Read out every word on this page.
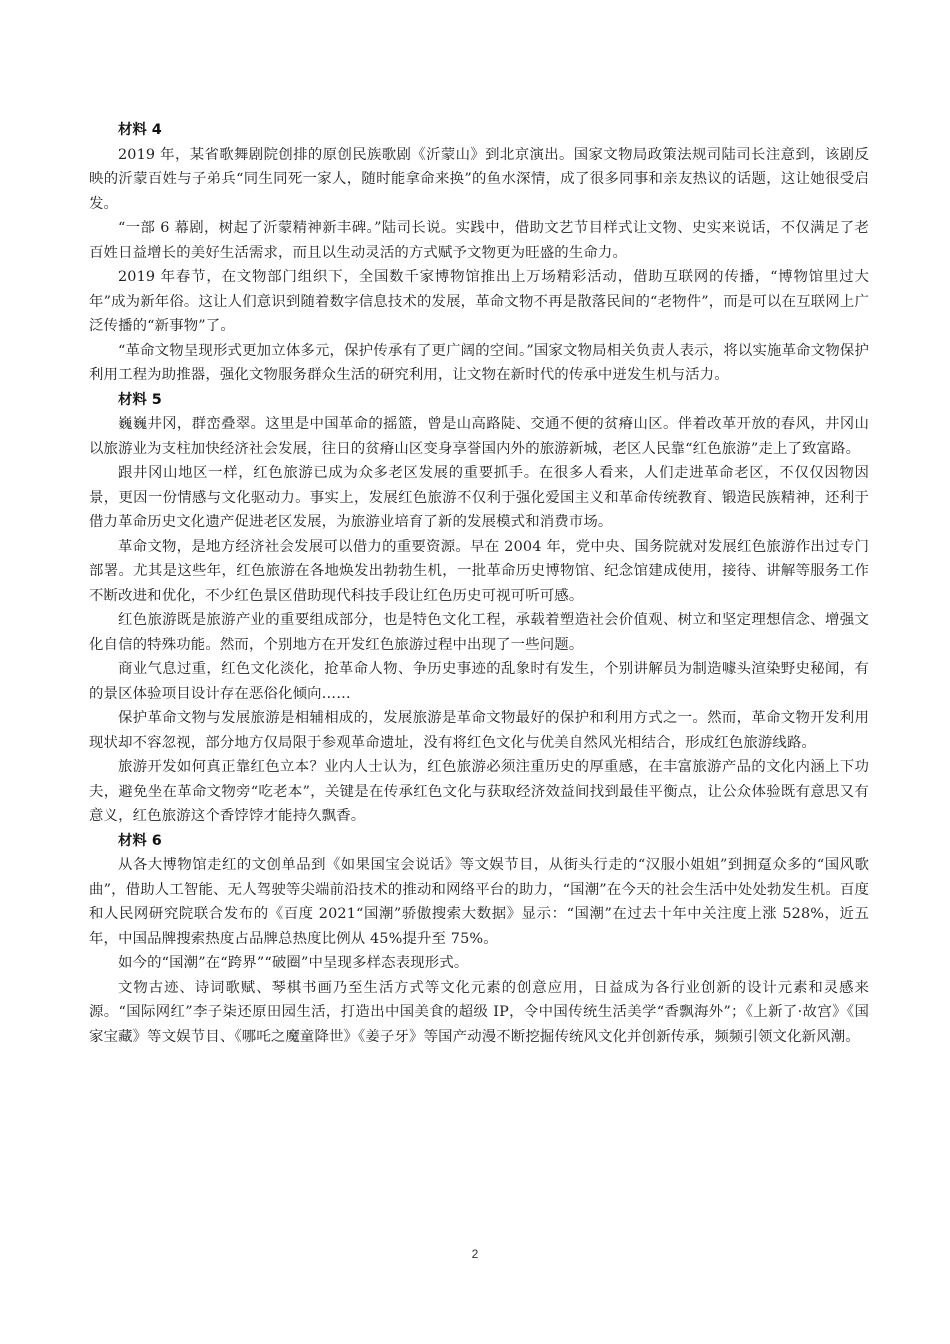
材料 4

2019 年，某省歌舞剧院创排的原创民族歌剧《沂蒙山》到北京演出。国家文物局政策法规司陆司长注意到，该剧反映的沂蒙百姓与子弟兵“同生同死一家人，随时能拿命来换”的鱼水深情，成了很多同事和亲友热议的话题，这让她很受启发。

“一部 6 幕剧，树起了沂蒙精神新丰碑。”陆司长说。实践中，借助文艺节目样式让文物、史实来说话，不仅满足了老百姓日益增长的美好生活需求，而且以生动灵活的方式赋予文物更为旺盛的生命力。

2019 年春节，在文物部门组织下，全国数千家博物馆推出上万场精彩活动，借助互联网的传播，“博物馆里过大年”成为新年俗。这让人们意识到随着数字信息技术的发展，革命文物不再是散落民间的“老物件”，而是可以在互联网上广泛传播的“新事物”了。

“革命文物呈现形式更加立体多元，保护传承有了更广阔的空间。”国家文物局相关负责人表示，将以实施革命文物保护利用工程为助推器，强化文物服务群众生活的研究利用，让文物在新时代的传承中迸发生机与活力。

材料 5

巍巍井冈，群峦叠翠。这里是中国革命的摇篮，曾是山高路陡、交通不便的贫瘠山区。伴着改革开放的春风，井冈山以旅游业为支柱加快经济社会发展，往日的贫瘠山区变身享誉国内外的旅游新城，老区人民靠“红色旅游”走上了致富路。

跟井冈山地区一样，红色旅游已成为众多老区发展的重要抓手。在很多人看来，人们走进革命老区，不仅仅因物因景，更因一份情感与文化驱动力。事实上，发展红色旅游不仅利于强化爱国主义和革命传统教育、锻造民族精神，还利于借力革命历史文化遗产促进老区发展，为旅游业培育了新的发展模式和消费市场。

革命文物，是地方经济社会发展可以借力的重要资源。早在 2004 年，党中央、国务院就对发展红色旅游作出过专门部署。尤其是这些年，红色旅游在各地焕发出勃勃生机，一批革命历史博物馆、纪念馆建成使用，接待、讲解等服务工作不断改进和优化，不少红色景区借助现代科技手段让红色历史可视可听可感。

红色旅游既是旅游产业的重要组成部分，也是特色文化工程，承载着塑造社会价值观、树立和坚定理想信念、增强文化自信的特殊功能。然而，个别地方在开发红色旅游过程中出现了一些问题。

商业气息过重，红色文化淡化，抢革命人物、争历史事迹的乱象时有发生，个别讲解员为制造噱头渲染野史秘闻，有的景区体验项目设计存在恶俗化倾向……

保护革命文物与发展旅游是相辅相成的，发展旅游是革命文物最好的保护和利用方式之一。然而，革命文物开发利用现状却不容忽视，部分地方仅局限于参观革命遗址，没有将红色文化与优美自然风光相结合，形成红色旅游线路。

旅游开发如何真正靠红色立本？业内人士认为，红色旅游必须注重历史的厚重感，在丰富旅游产品的文化内涵上下功夫，避免坐在革命文物旁“吃老本”，关键是在传承红色文化与获取经济效益间找到最佳平衡点，让公众体验既有意思又有意义，红色旅游这个香饽饽才能持久飘香。

材料 6

从各大博物馆走红的文创单品到《如果国宝会说话》等文娱节目，从街头行走的“汉服小姐姐”到拥趸众多的“国风歌曲”，借助人工智能、无人驾驶等尖端前沿技术的推动和网络平台的助力，“国潮”在今天的社会生活中处处勃发生机。百度和人民网研究院联合发布的《百度 2021“国潮”骄傲搜索大数据》显示：“国潮”在过去十年中关注度上涨 528%，近五年，中国品牌搜索热度占品牌总热度比例从 45%提升至 75%。

如今的“国潮”在“跨界”“破圈”中呈现多样态表现形式。

文物古迹、诗词歌赋、琴棋书画乃至生活方式等文化元素的创意应用，日益成为各行业创新的设计元素和灵感来源。“国际网红”李子柒还原田园生活，打造出中国美食的超级 IP，令中国传统生活美学“香飘海外”；《上新了·故宫》《国家宝藏》等文娱节目、《哪吒之魔童降世》《姜子牙》等国产动漫不断挖掘传统风文化并创新传承，频频引领文化新风潮。

2
